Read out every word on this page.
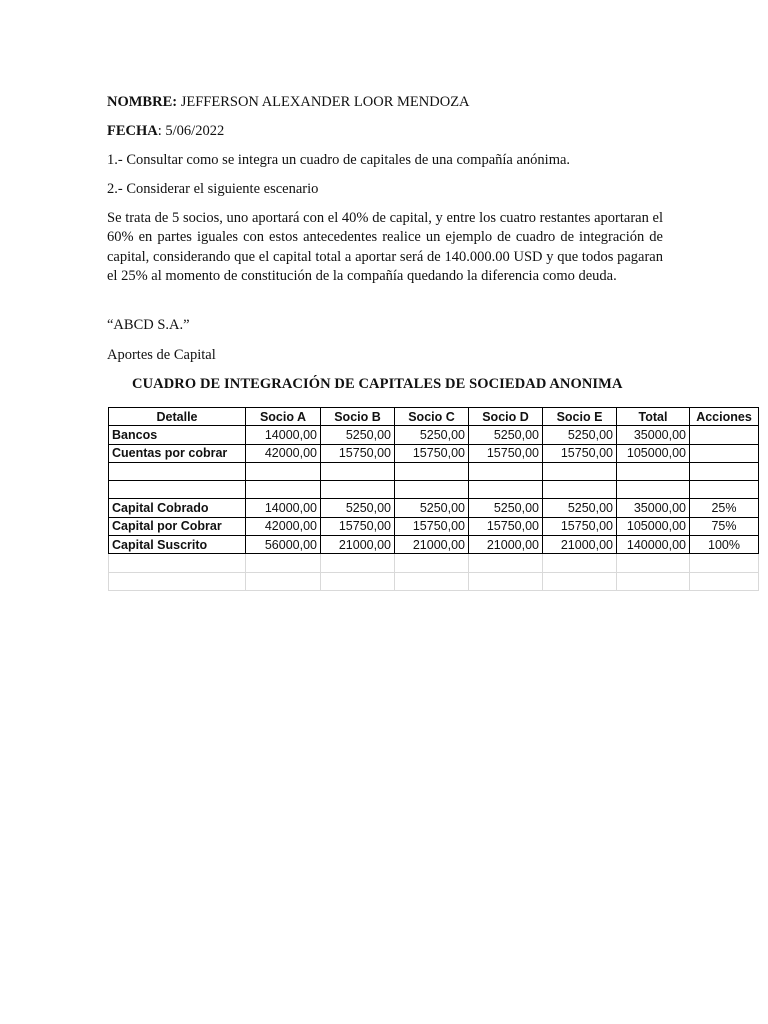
NOMBRE: JEFFERSON ALEXANDER LOOR MENDOZA
FECHA: 5/06/2022
1.- Consultar como se integra un cuadro de capitales de una compañía anónima.
2.- Considerar el siguiente escenario
Se trata de 5 socios, uno aportará con el 40% de capital, y entre los cuatro restantes aportaran el 60% en partes iguales con estos antecedentes realice un ejemplo de cuadro de integración de capital, considerando que el capital total a aportar será de 140.000.00 USD y que todos pagaran el 25% al momento de constitución de la compañía quedando la diferencia como deuda.
“ABCD S.A.”
Aportes de Capital
CUADRO DE INTEGRACIÓN DE CAPITALES DE SOCIEDAD ANONIMA
Detalle	Socio A	Socio B	Socio C	Socio D	Socio E	Total	Acciones
Bancos	14000,00	5250,00	5250,00	5250,00	5250,00	35000,00	
Cuentas por cobrar	42000,00	15750,00	15750,00	15750,00	15750,00	105000,00	

Capital Cobrado	14000,00	5250,00	5250,00	5250,00	5250,00	35000,00	25%
Capital por Cobrar	42000,00	15750,00	15750,00	15750,00	15750,00	105000,00	75%
Capital Suscrito	56000,00	21000,00	21000,00	21000,00	21000,00	140000,00	100%
